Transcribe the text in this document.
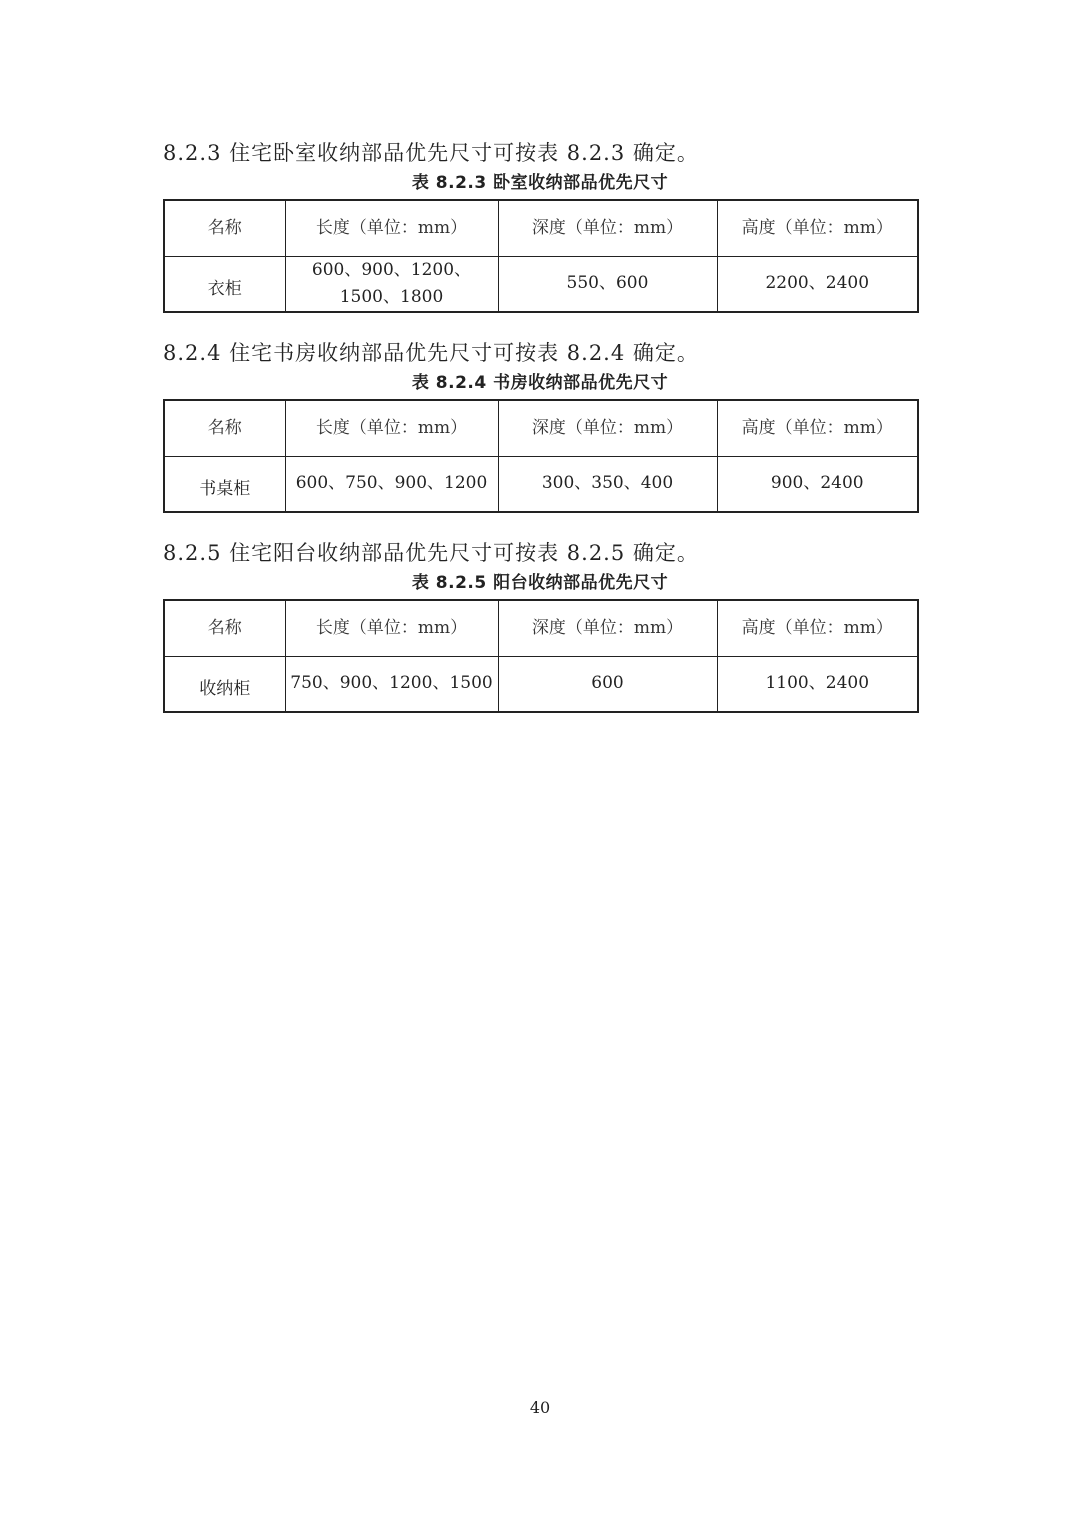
8.2.3 住宅卧室收纳部品优先尺寸可按表 8.2.3 确定。

表 8.2.3 卧室收纳部品优先尺寸
名称	长度（单位：mm）	深度（单位：mm）	高度（单位：mm）
衣柜	600、900、1200、
1500、1800	550、600	2200、2400

8.2.4 住宅书房收纳部品优先尺寸可按表 8.2.4 确定。

表 8.2.4 书房收纳部品优先尺寸
名称	长度（单位：mm）	深度（单位：mm）	高度（单位：mm）
书桌柜	600、750、900、1200	300、350、400	900、2400

8.2.5 住宅阳台收纳部品优先尺寸可按表 8.2.5 确定。

表 8.2.5 阳台收纳部品优先尺寸
名称	长度（单位：mm）	深度（单位：mm）	高度（单位：mm）
收纳柜	750、900、1200、1500	600	1100、2400
40
